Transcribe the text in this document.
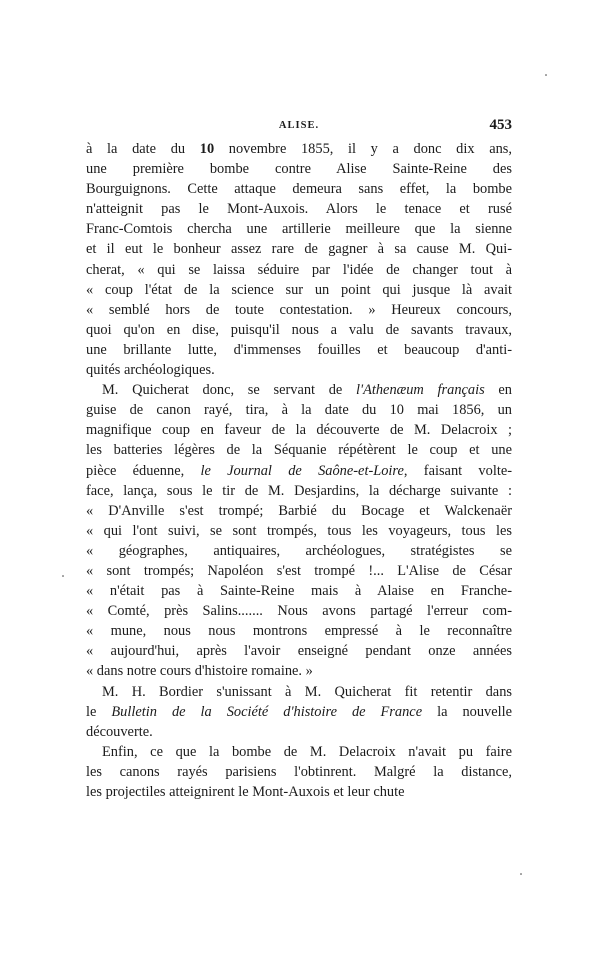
ALISE.	453
à la date du 10 novembre 1855, il y a donc dix ans,
une première bombe contre Alise Sainte-Reine des
Bourguignons. Cette attaque demeura sans effet, la bombe
n'atteignit pas le Mont-Auxois. Alors le tenace et rusé
Franc-Comtois chercha une artillerie meilleure que la sienne
et il eut le bonheur assez rare de gagner à sa cause M. Qui-
cherat, « qui se laissa séduire par l'idée de changer tout à
« coup l'état de la science sur un point qui jusque là avait
« semblé hors de toute contestation. » Heureux concours,
quoi qu'on en dise, puisqu'il nous a valu de savants travaux,
une brillante lutte, d'immenses fouilles et beaucoup d'anti-
quités archéologiques.
M. Quicherat donc, se servant de l'Athenæum français en
guise de canon rayé, tira, à la date du 10 mai 1856, un
magnifique coup en faveur de la découverte de M. Delacroix ;
les batteries légères de la Séquanie répétèrent le coup et une
pièce éduenne, le Journal de Saône-et-Loire, faisant volte-
face, lança, sous le tir de M. Desjardins, la décharge suivante :
« D'Anville s'est trompé; Barbié du Bocage et Walckenaër
« qui l'ont suivi, se sont trompés, tous les voyageurs, tous les
« géographes, antiquaires, archéologues, stratégistes se
« sont trompés; Napoléon s'est trompé !... L'Alise de César
« n'était pas à Sainte-Reine mais à Alaise en Franche-
« Comté, près Salins....... Nous avons partagé l'erreur com-
« mune, nous nous montrons empressé à le reconnaître
« aujourd'hui, après l'avoir enseigné pendant onze années
« dans notre cours d'histoire romaine. »
M. H. Bordier s'unissant à M. Quicherat fit retentir dans
le Bulletin de la Société d'histoire de France la nouvelle
découverte.
Enfin, ce que la bombe de M. Delacroix n'avait pu faire
les canons rayés parisiens l'obtinrent. Malgré la distance,
les projectiles atteignirent le Mont-Auxois et leur chute
